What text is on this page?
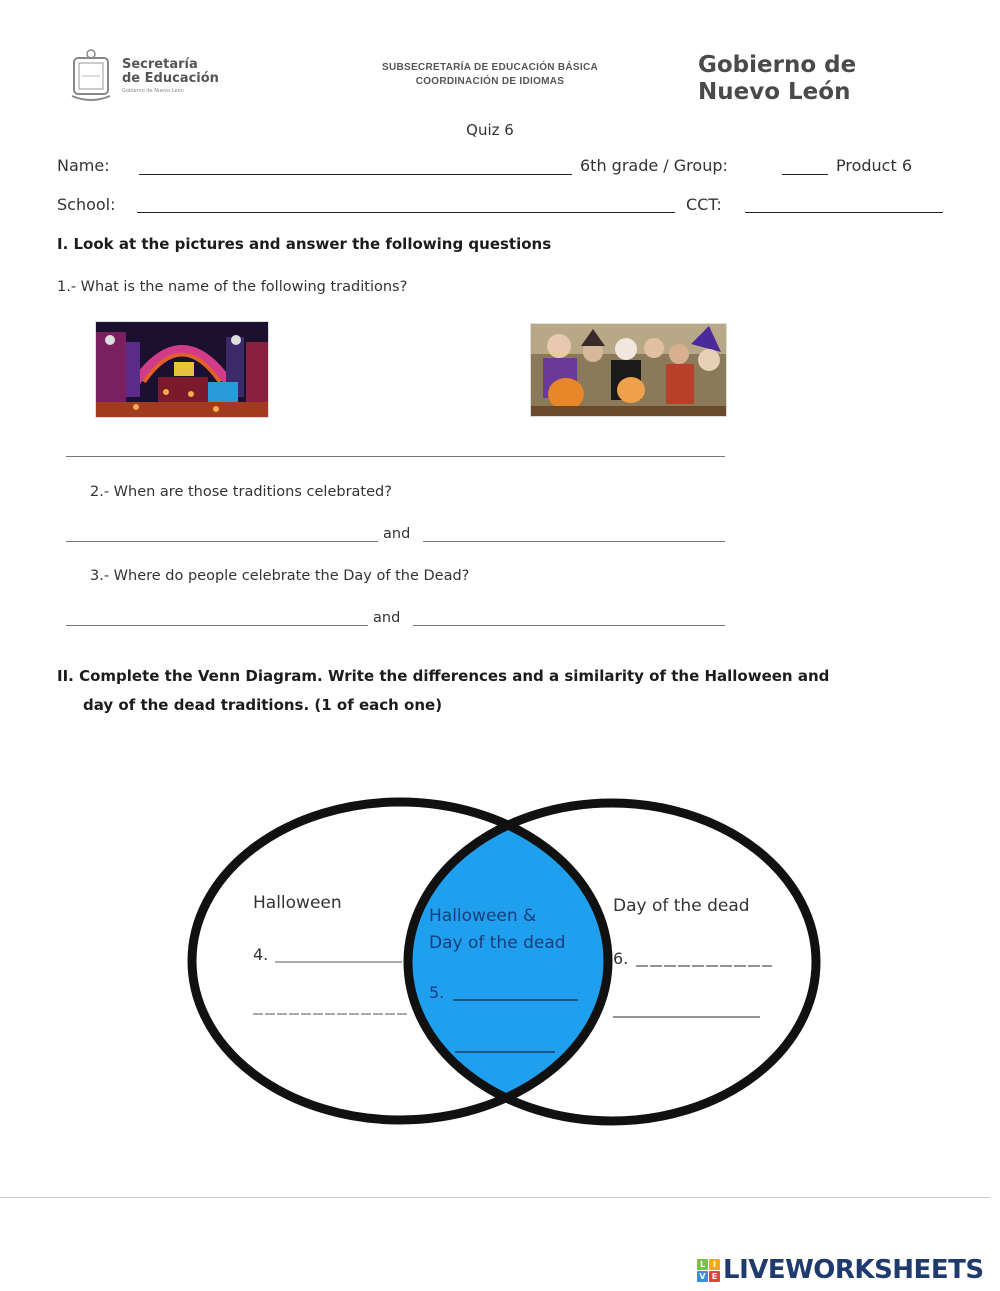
Secretaría
de Educación
Gobierno de Nuevo León
SUBSECRETARÍA DE EDUCACIÓN BÁSICA
COORDINACIÓN DE IDIOMAS
Gobierno de
Nuevo León
Quiz 6
Name:	6th grade / Group:	Product 6
School:	CCT:
I. Look at the pictures and answer the following questions
1.- What is the name of the following traditions?
2.- When are those traditions celebrated?
and
3.- Where do people celebrate the Day of the Dead?
and
II. Complete the Venn Diagram. Write the differences and a similarity of the Halloween and
day of the dead traditions. (1 of each one)
Halloween
4.
Halloween &
Day of the dead
5.
Day of the dead
6.
L I
V E LIVEWORKSHEETS
